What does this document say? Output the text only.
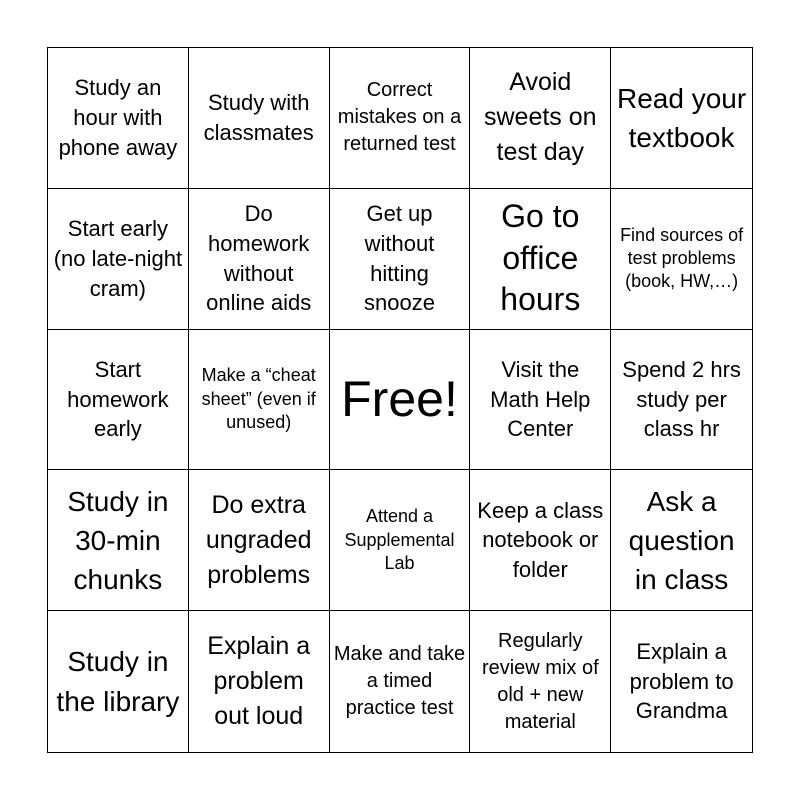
Study an hour with phone away
Study with classmates
Correct mistakes on a returned test
Avoid sweets on test day
Read your textbook
Start early (no late-night cram)
Do homework without online aids
Get up without hitting snooze
Go to office hours
Find sources of test problems (book, HW,…)
Start homework early
Make a “cheat sheet” (even if unused) Free!
Visit the Math Help Center
Spend 2 hrs study per class hr
Study in 30-min chunks
Do extra ungraded problems
Attend a Supplemental Lab
Keep a class notebook or folder
Ask a question in class
Study in the library
Explain a problem out loud
Make and take a timed practice test
Regularly review mix of old + new material
Explain a problem to Grandma
